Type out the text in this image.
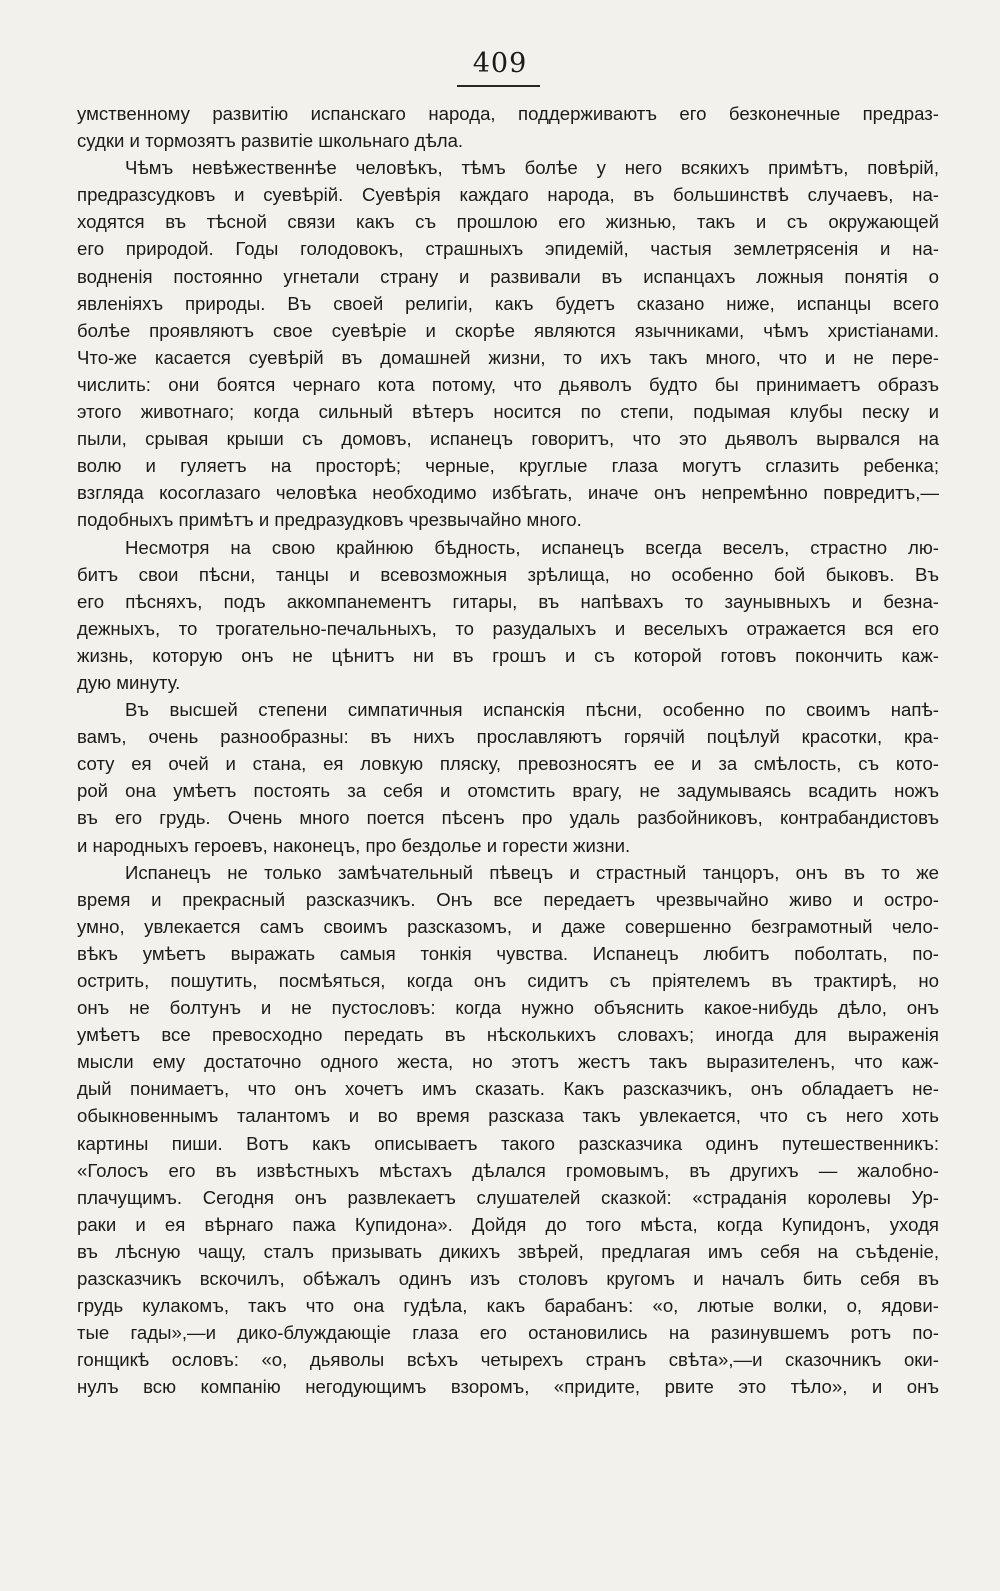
409
умственному развитію испанскаго народа, поддерживаютъ его безконечные предраз-
судки и тормозятъ развитіе школьнаго дѣла.
Чѣмъ невѣжественнѣе человѣкъ, тѣмъ болѣе у него всякихъ примѣтъ, повѣрій,
предразсудковъ и суевѣрій. Суевѣрія каждаго народа, въ большинствѣ случаевъ, на-
ходятся въ тѣсной связи какъ съ прошлою его жизнью, такъ и съ окружающей
его природой. Годы голодовокъ, страшныхъ эпидемій, частыя землетрясенія и на-
водненія постоянно угнетали страну и развивали въ испанцахъ ложныя понятія о
явленіяхъ природы. Въ своей религіи, какъ будетъ сказано ниже, испанцы всего
болѣе проявляютъ свое суевѣріе и скорѣе являются язычниками, чѣмъ христіанами.
Что-же касается суевѣрій въ домашней жизни, то ихъ такъ много, что и не пере-
числить: они боятся чернаго кота потому, что дьяволъ будто бы принимаетъ образъ
этого животнаго; когда сильный вѣтеръ носится по степи, подымая клубы песку и
пыли, срывая крыши съ домовъ, испанецъ говоритъ, что это дьяволъ вырвался на
волю и гуляетъ на просторѣ; черные, круглые глаза могутъ сглазить ребенка;
взгляда косоглазаго человѣка необходимо избѣгать, иначе онъ непремѣнно повредитъ,—
подобныхъ примѣтъ и предразудковъ чрезвычайно много.
Несмотря на свою крайнюю бѣдность, испанецъ всегда веселъ, страстно лю-
битъ свои пѣсни, танцы и всевозможныя зрѣлища, но особенно бой быковъ. Въ
его пѣсняхъ, подъ аккомпанементъ гитары, въ напѣвахъ то заунывныхъ и безна-
дежныхъ, то трогательно-печальныхъ, то разудалыхъ и веселыхъ отражается вся его
жизнь, которую онъ не цѣнитъ ни въ грошъ и съ которой готовъ покончить каж-
дую минуту.
Въ высшей степени симпатичныя испанскія пѣсни, особенно по своимъ напѣ-
вамъ, очень разнообразны: въ нихъ прославляютъ горячій поцѣлуй красотки, кра-
соту ея очей и стана, ея ловкую пляску, превозносятъ ее и за смѣлость, съ кото-
рой она умѣетъ постоять за себя и отомстить врагу, не задумываясь всадить ножъ
въ его грудь. Очень много поется пѣсенъ про удаль разбойниковъ, контрабандистовъ
и народныхъ героевъ, наконецъ, про бездолье и горести жизни.
Испанецъ не только замѣчательный пѣвецъ и страстный танцоръ, онъ въ то же
время и прекрасный разсказчикъ. Онъ все передаетъ чрезвычайно живо и остро-
умно, увлекается самъ своимъ разсказомъ, и даже совершенно безграмотный чело-
вѣкъ умѣетъ выражать самыя тонкія чувства. Испанецъ любитъ поболтать, по-
острить, пошутить, посмѣяться, когда онъ сидитъ съ пріятелемъ въ трактирѣ, но
онъ не болтунъ и не пустословъ: когда нужно объяснить какое-нибудь дѣло, онъ
умѣетъ все превосходно передать въ нѣсколькихъ словахъ; иногда для выраженія
мысли ему достаточно одного жеста, но этотъ жестъ такъ выразителенъ, что каж-
дый понимаетъ, что онъ хочетъ имъ сказать. Какъ разсказчикъ, онъ обладаетъ не-
обыкновеннымъ талантомъ и во время разсказа такъ увлекается, что съ него хоть
картины пиши. Вотъ какъ описываетъ такого разсказчика одинъ путешественникъ:
«Голосъ его въ извѣстныхъ мѣстахъ дѣлался громовымъ, въ другихъ — жалобно-
плачущимъ. Сегодня онъ развлекаетъ слушателей сказкой: «страданія королевы Ур-
раки и ея вѣрнаго пажа Купидона». Дойдя до того мѣста, когда Купидонъ, уходя
въ лѣсную чащу, сталъ призывать дикихъ звѣрей, предлагая имъ себя на съѣденіе,
разсказчикъ вскочилъ, обѣжалъ одинъ изъ столовъ кругомъ и началъ бить себя въ
грудь кулакомъ, такъ что она гудѣла, какъ барабанъ: «о, лютые волки, о, ядови-
тые гады»,—и дико-блуждающіе глаза его остановились на разинувшемъ ротъ по-
гонщикѣ ословъ: «о, дьяволы всѣхъ четырехъ странъ свѣта»,—и сказочникъ оки-
нулъ всю компанію негодующимъ взоромъ, «придите, рвите это тѣло», и онъ
